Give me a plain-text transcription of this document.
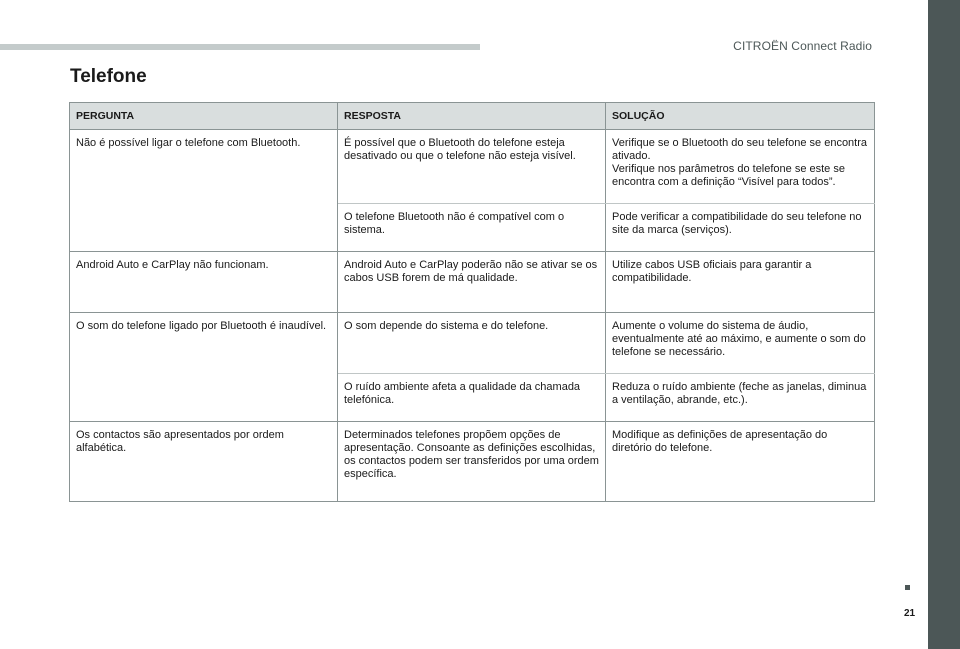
CITROËN Connect Radio
Telefone
PERGUNTA	RESPOSTA	SOLUÇÃO

Não é possível ligar o telefone com Bluetooth.	É possível que o Bluetooth do telefone esteja desativado ou que o telefone não esteja visível.	Verifique se o Bluetooth do seu telefone se encontra ativado.
Verifique nos parâmetros do telefone se este se encontra com a definição “Visível para todos”.

	O telefone Bluetooth não é compatível com o sistema.	Pode verificar a compatibilidade do seu telefone no site da marca (serviços).

Android Auto e CarPlay não funcionam.	Android Auto e CarPlay poderão não se ativar se os cabos USB forem de má qualidade.	Utilize cabos USB oficiais para garantir a compatibilidade.

O som do telefone ligado por Bluetooth é inaudível.	O som depende do sistema e do telefone.	Aumente o volume do sistema de áudio, eventualmente até ao máximo, e aumente o som do telefone se necessário.

	O ruído ambiente afeta a qualidade da chamada telefónica.	Reduza o ruído ambiente (feche as janelas, diminua a ventilação, abrande, etc.).

Os contactos são apresentados por ordem alfabética.	Determinados telefones propõem opções de apresentação. Consoante as definições escolhidas, os contactos podem ser transferidos por uma ordem específica.	Modifique as definições de apresentação do diretório do telefone.
21
